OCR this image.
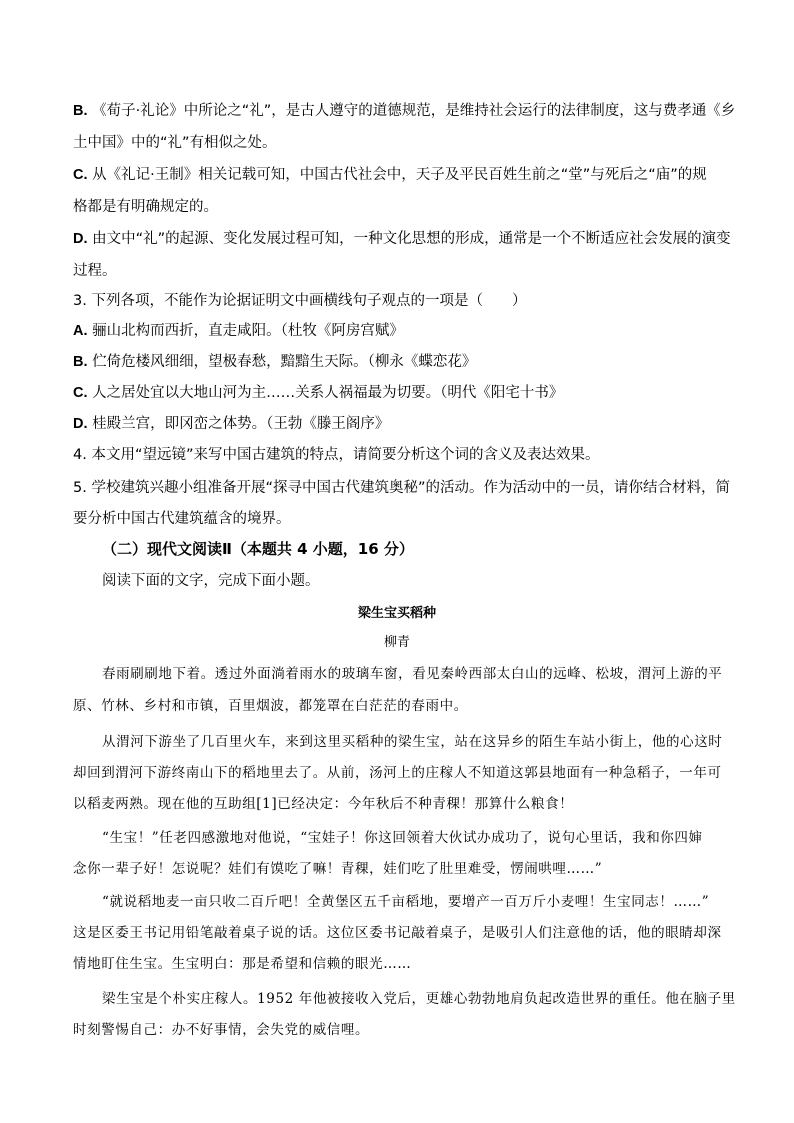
B. 《荀子·礼论》中所论之“礼”，是古人遵守的道德规范，是维持社会运行的法律制度，这与费孝通《乡
土中国》中的“礼”有相似之处。
C. 从《礼记·王制》相关记载可知，中国古代社会中，天子及平民百姓生前之“堂”与死后之“庙”的规
格都是有明确规定的。
D. 由文中“礼”的起源、变化发展过程可知，一种文化思想的形成，通常是一个不断适应社会发展的演变
过程。
3. 下列各项，不能作为论据证明文中画横线句子观点的一项是（　　）
A. 骊山北构而西折，直走咸阳。（杜牧《阿房宫赋》
B. 伫倚危楼风细细，望极春愁，黯黯生天际。（柳永《蝶恋花》
C. 人之居处宜以大地山河为主……关系人祸福最为切要。（明代《阳宅十书》
D. 桂殿兰宫，即冈峦之体势。（王勃《滕王阁序》
4. 本文用“望远镜”来写中国古建筑的特点，请简要分析这个词的含义及表达效果。
5. 学校建筑兴趣小组准备开展“探寻中国古代建筑奥秘”的活动。作为活动中的一员，请你结合材料，简
要分析中国古代建筑蕴含的境界。
（二）现代文阅读Ⅱ（本题共 4 小题，16 分）
阅读下面的文字，完成下面小题。
梁生宝买稻种
柳青
春雨刷刷地下着。透过外面淌着雨水的玻璃车窗，看见秦岭西部太白山的远峰、松坡，渭河上游的平
原、竹林、乡村和市镇，百里烟波，都笼罩在白茫茫的春雨中。
从渭河下游坐了几百里火车，来到这里买稻种的梁生宝，站在这异乡的陌生车站小街上，他的心这时
却回到渭河下游终南山下的稻地里去了。从前，汤河上的庄稼人不知道这郭县地面有一种急稻子，一年可
以稻麦两熟。现在他的互助组[1]已经决定：今年秋后不种青稞！那算什么粮食！
“生宝！”任老四感激地对他说，“宝娃子！你这回领着大伙试办成功了，说句心里话，我和你四婶
念你一辈子好！怎说呢？娃们有馍吃了嘛！青稞，娃们吃了肚里难受，愣闹哄哩……”
“就说稻地麦一亩只收二百斤吧！全黄堡区五千亩稻地，要增产一百万斤小麦哩！生宝同志！……”
这是区委王书记用铅笔敲着桌子说的话。这位区委书记敲着桌子，是吸引人们注意他的话，他的眼睛却深
情地盯住生宝。生宝明白：那是希望和信赖的眼光……
梁生宝是个朴实庄稼人。1952 年他被接收入党后，更雄心勃勃地肩负起改造世界的重任。他在脑子里
时刻警惕自己：办不好事情，会失党的威信哩。
